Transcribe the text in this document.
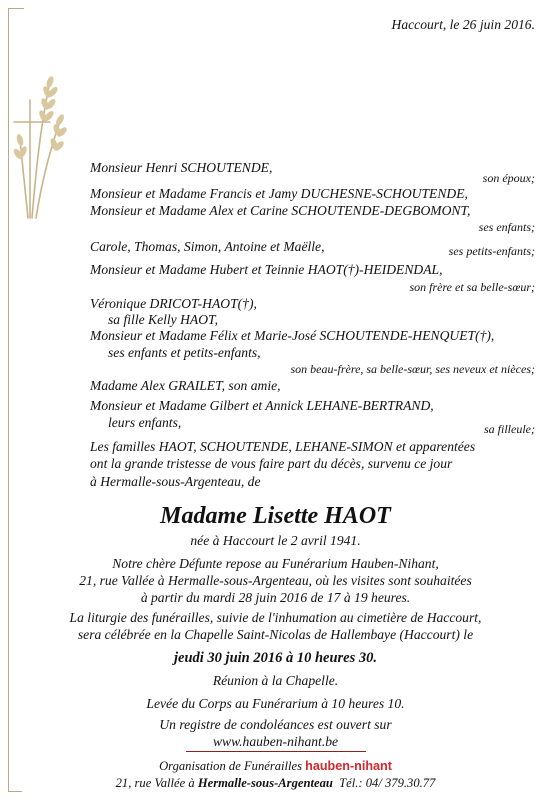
Haccourt, le 26 juin 2016.
Monsieur Henri SCHOUTENDE,
son époux;
Monsieur et Madame Francis et Jamy DUCHESNE-SCHOUTENDE,
Monsieur et Madame Alex et Carine SCHOUTENDE-DEGBOMONT,
ses enfants;
Carole, Thomas, Simon, Antoine et Maëlle,	ses petits-enfants;
Monsieur et Madame Hubert et Teinnie HAOT(†)-HEIDENDAL,
son frère et sa belle-sœur;
Véronique DRICOT-HAOT(†),
sa fille Kelly HAOT,
Monsieur et Madame Félix et Marie-José SCHOUTENDE-HENQUET(†),
ses enfants et petits-enfants,
son beau-frère, sa belle-sœur, ses neveux et nièces;
Madame Alex GRAILET, son amie,
Monsieur et Madame Gilbert et Annick LEHANE-BERTRAND,
leurs enfants,	sa filleule;
Les familles HAOT, SCHOUTENDE, LEHANE-SIMON et apparentées
ont la grande tristesse de vous faire part du décès, survenu ce jour
à Hermalle-sous-Argenteau, de
Madame Lisette HAOT
née à Haccourt le 2 avril 1941.
Notre chère Défunte repose au Funérarium Hauben-Nihant,
21, rue Vallée à Hermalle-sous-Argenteau, où les visites sont souhaitées
à partir du mardi 28 juin 2016 de 17 à 19 heures.
La liturgie des funérailles, suivie de l'inhumation au cimetière de Haccourt,
sera célébrée en la Chapelle Saint-Nicolas de Hallembaye (Haccourt) le
jeudi 30 juin 2016 à 10 heures 30.
Réunion à la Chapelle.
Levée du Corps au Funérarium à 10 heures 10.
Un registre de condoléances est ouvert sur
www.hauben-nihant.be
Organisation de Funérailles hauben-nihant
21, rue Vallée à Hermalle-sous-Argenteau Tél.: 04/ 379.30.77
